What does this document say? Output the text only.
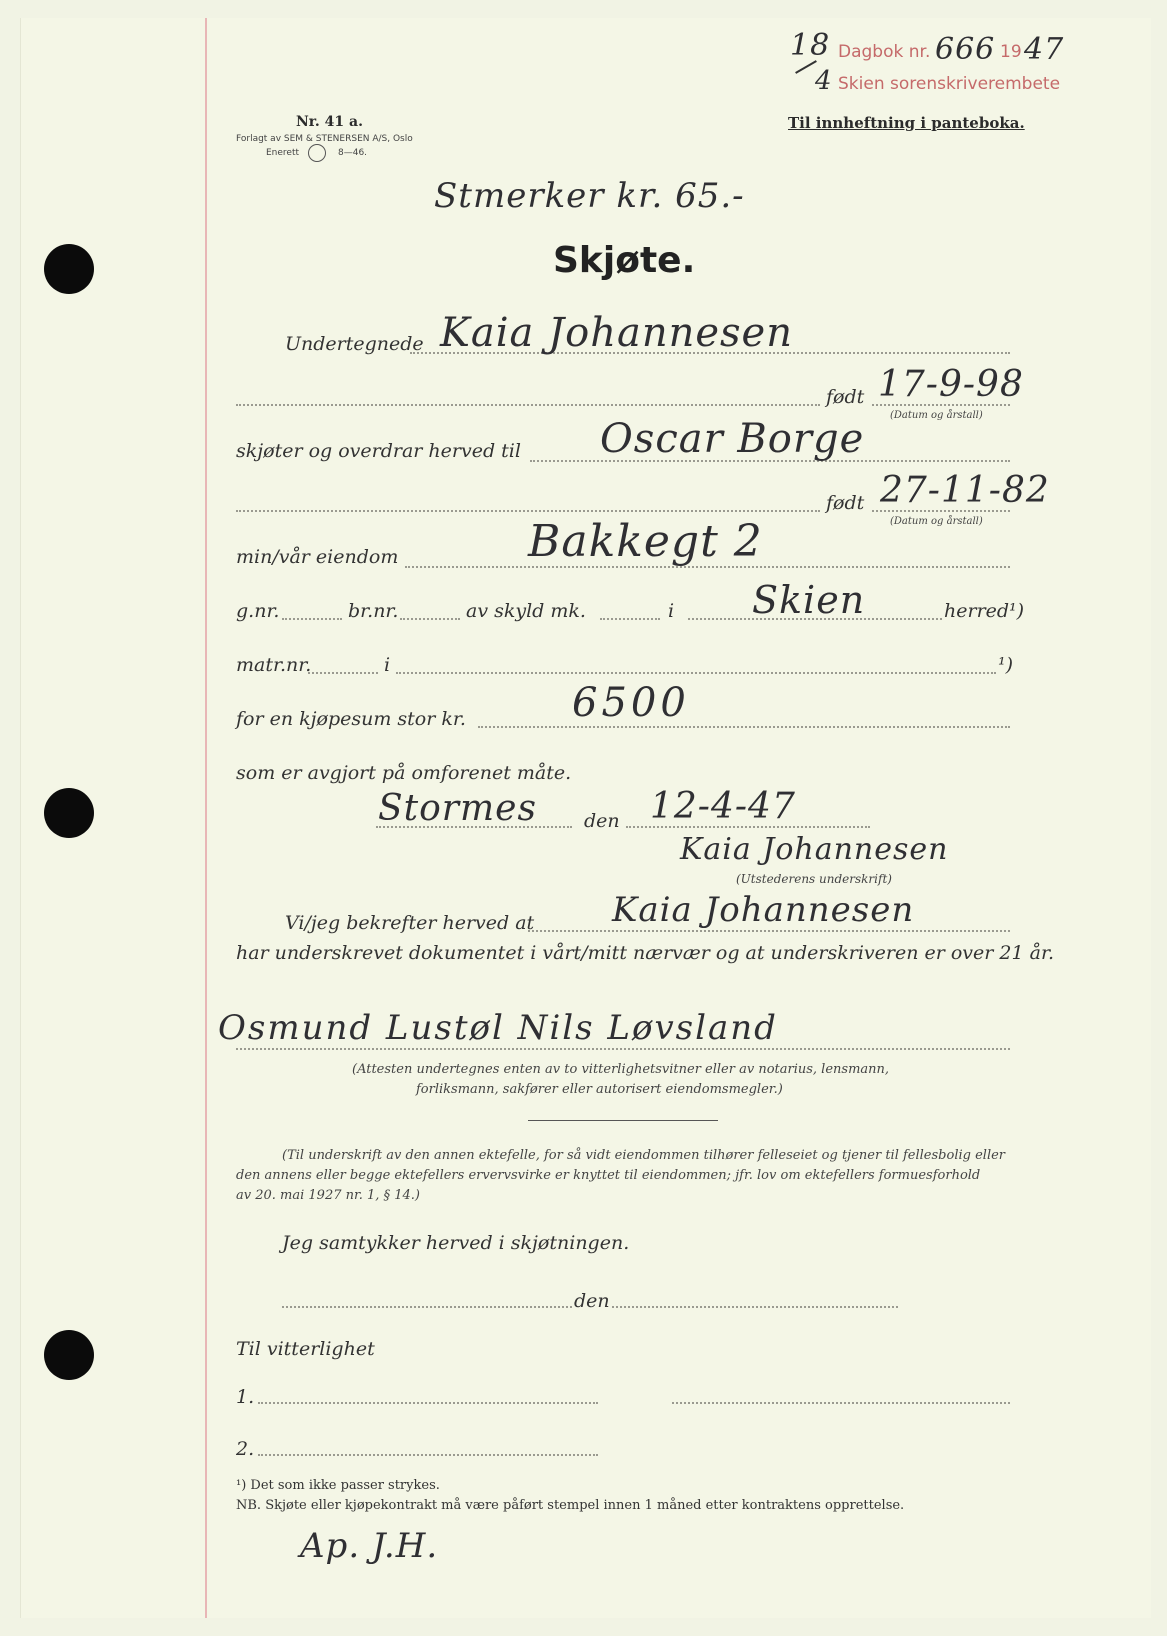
Nr. 41 a.
Forlagt av SEM & STENERSEN A/S, Oslo
Enerett	8—46.
18
4
Dagbok nr. 666 19 47
Skien sorenskriverembete
Til innheftning i panteboka.
Stmerker kr. 65.-
Skjøte.
Undertegnede Kaia Johannesen
født 17-9-98
(Datum og årstall)
skjøter og overdrar herved til Oscar Borge
født 27-11-82
(Datum og årstall)
min/vår eiendom	Bakkegt 2
g.nr.	br.nr.	av skyld mk.	i Skien	herred¹)
matr.nr.	i	¹)
for en kjøpesum stor kr.	6500
som er avgjort på omforenet måte.
Stormes den 12-4-47
Kaia Johannesen
(Utstederens underskrift)
Vi/jeg bekrefter herved at Kaia Johannesen
har underskrevet dokumentet i vårt/mitt nærvær og at underskriveren er over 21 år.
Osmund Lustøl Nils Løvsland
(Attesten undertegnes enten av to vitterlighetsvitner eller av notarius, lensmann,
forliksmann, sakfører eller autorisert eiendomsmegler.)
(Til underskrift av den annen ektefelle, for så vidt eiendommen tilhører felleseiet og tjener til fellesbolig eller
den annens eller begge ektefellers ervervsvirke er knyttet til eiendommen; jfr. lov om ektefellers formuesforhold
av 20. mai 1927 nr. 1, § 14.)
Jeg samtykker herved i skjøtningen.
den
Til vitterlighet
1.
2.
¹) Det som ikke passer strykes.
NB. Skjøte eller kjøpekontrakt må være påført stempel innen 1 måned etter kontraktens opprettelse.
Ap. J.H.
